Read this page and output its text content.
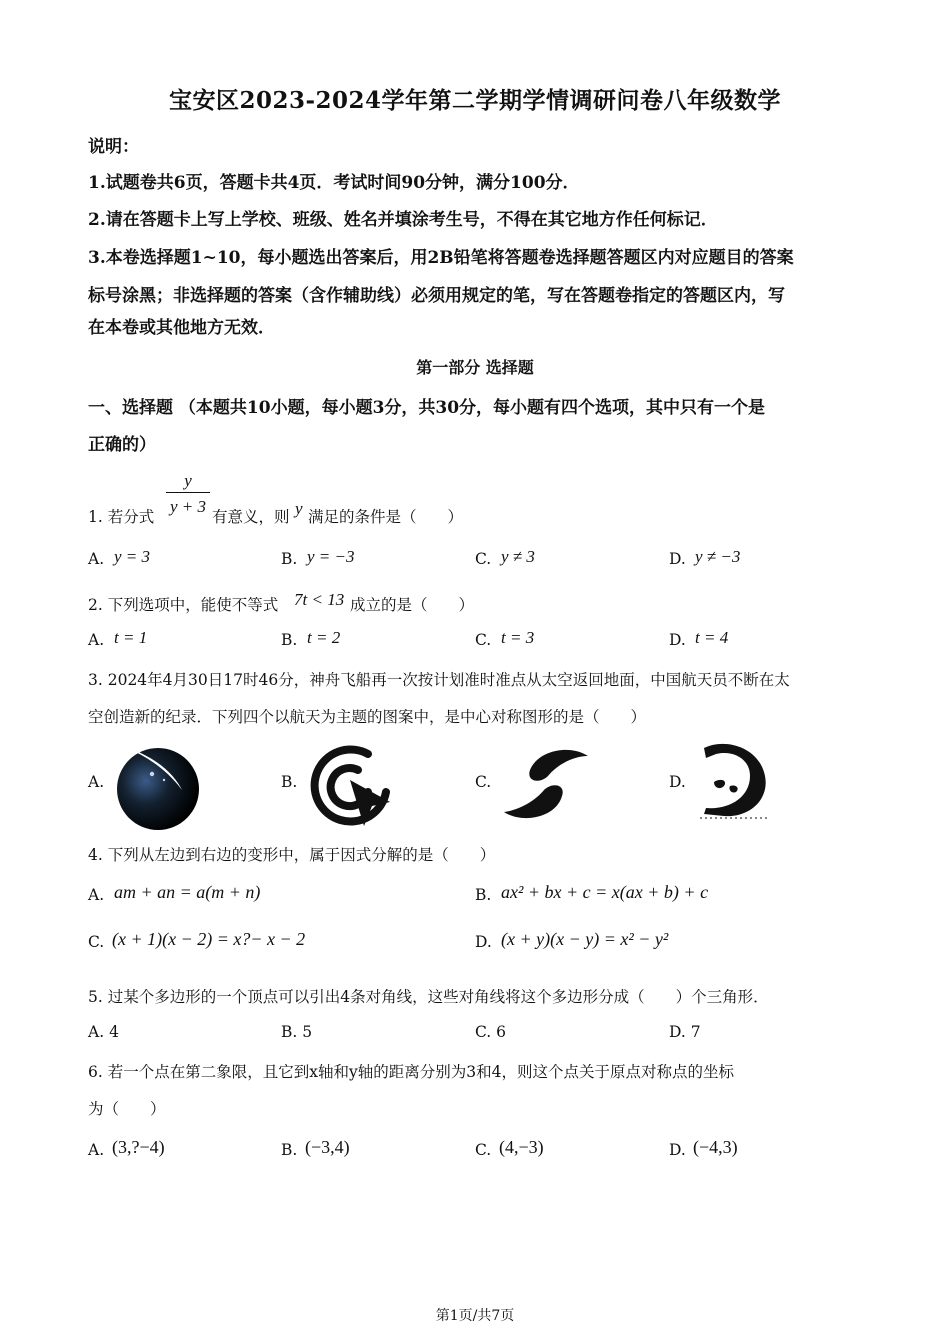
宝安区2023-2024学年第二学期学情调研问卷八年级数学
说明：
1.试题卷共6页，答题卡共4页．考试时间90分钟，满分100分．
2.请在答题卡上写上学校、班级、姓名并填涂考生号，不得在其它地方作任何标记．
3.本卷选择题1~10，每小题选出答案后，用2B铅笔将答题卷选择题答题区内对应题目的答案
标号涂黑；非选择题的答案（含作辅助线）必须用规定的笔，写在答题卷指定的答题区内，写
在本卷或其他地方无效．
第一部分 选择题
一、选择题 （本题共10小题，每小题3分，共30分，每小题有四个选项，其中只有一个是
正确的）
1. 若分式
y
y + 3
有意义，则 y 满足的条件是（　　）
A. y = 3	B. y = −3	C. y ≠ 3	D. y ≠ −3
2. 下列选项中，能使不等式 7t < 13 成立的是（　　）
A. t = 1	B. t = 2	C. t = 3	D. t = 4
3. 2024年4月30日17时46分，神舟飞船再一次按计划准时准点从太空返回地面，中国航天员不断在太
空创造新的纪录．下列四个以航天为主题的图案中，是中心对称图形的是（　　）
A.	B.	C.	D.
4. 下列从左边到右边的变形中，属于因式分解的是（　　）
A. am + an = a(m + n)	B. ax² + bx + c = x(ax + b) + c
C. (x + 1)(x − 2) = x?− x − 2	D. (x + y)(x − y) = x² − y²
5. 过某个多边形的一个顶点可以引出4条对角线，这些对角线将这个多边形分成（　　）个三角形．
A. 4	B. 5	C. 6	D. 7
6. 若一个点在第二象限，且它到x轴和y轴的距离分别为3和4，则这个点关于原点对称点的坐标
为（　　）
A. (3,?−4)	B. (−3,4)	C. (4,−3)	D. (−4,3)
第1页/共7页
